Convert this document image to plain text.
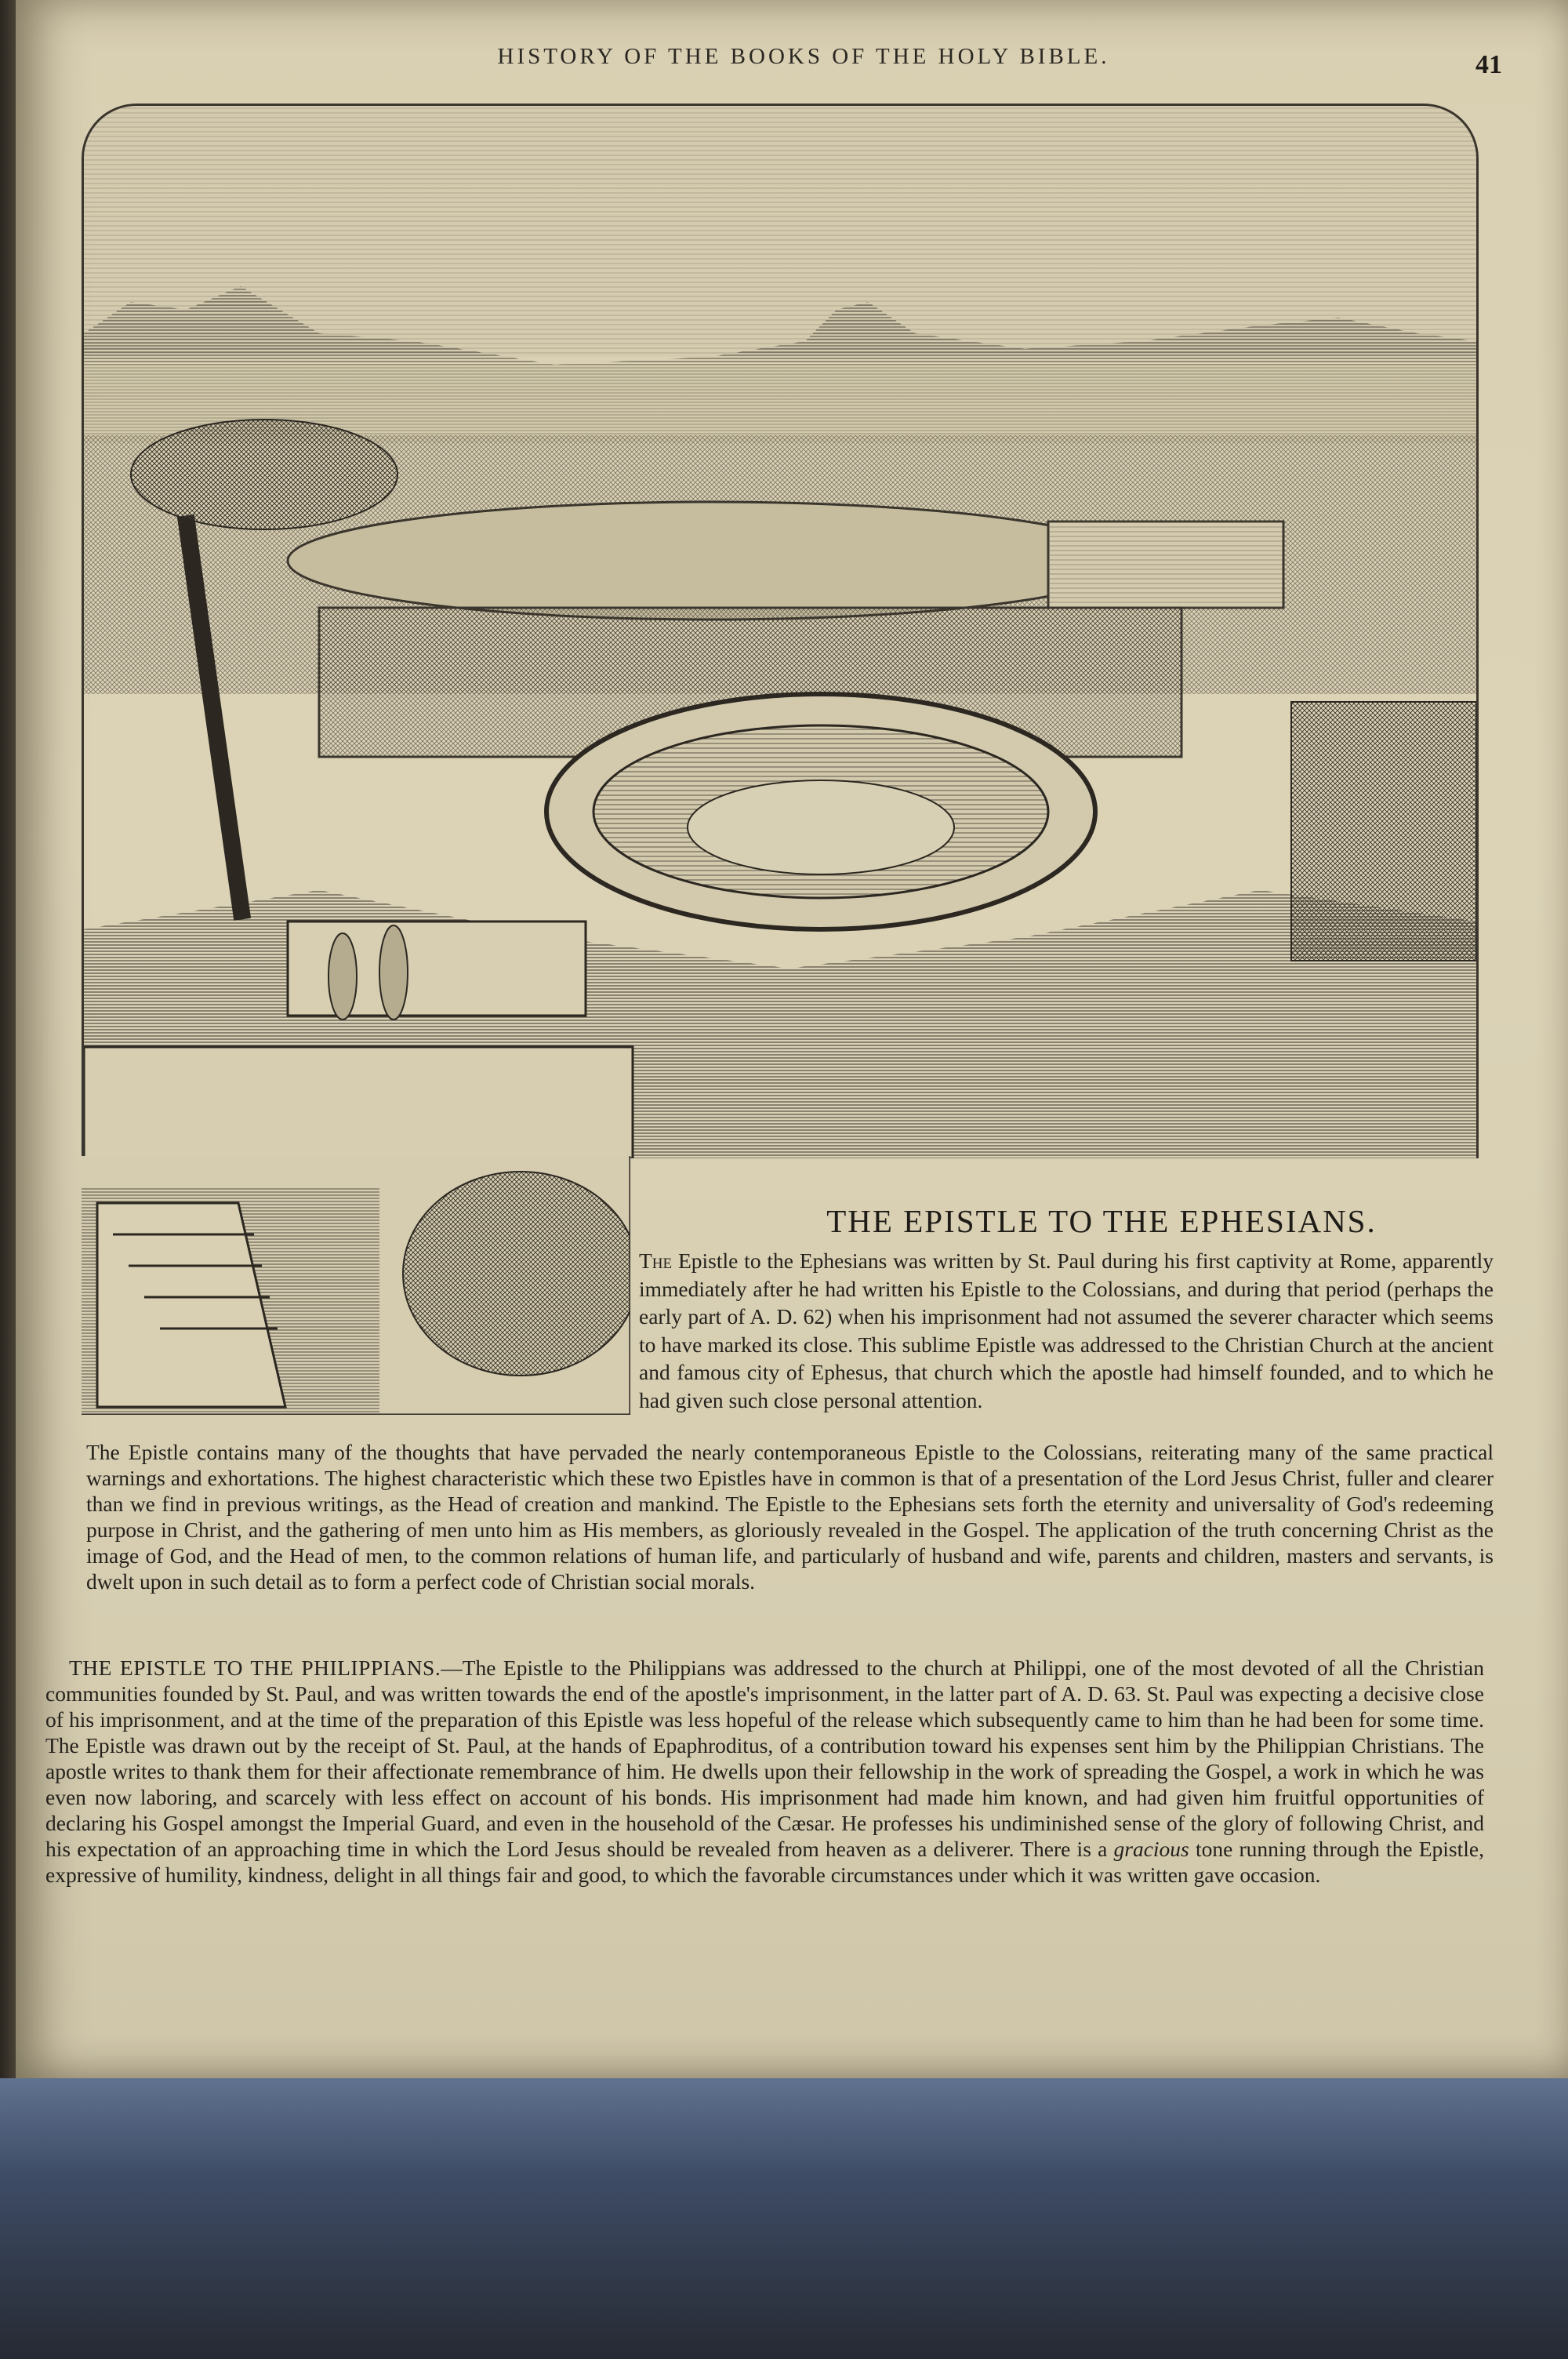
HISTORY OF THE BOOKS OF THE HOLY BIBLE.	41
THE EPISTLE TO THE EPHESIANS.

The Epistle to the Ephesians was written by St. Paul during his first captivity at Rome, apparently immediately after he had written his Epistle to the Colossians, and during that period (perhaps the early part of A. D. 62) when his imprisonment had not assumed the severer character which seems to have marked its close. This sublime Epistle was addressed to the Christian Church at the ancient and famous city of Ephesus, that church which the apostle had himself founded, and to which he had given such close personal attention.

The Epistle contains many of the thoughts that have pervaded the nearly contemporaneous Epistle to the Colossians, reiterating many of the same practical warnings and exhortations. The highest characteristic which these two Epistles have in common is that of a presentation of the Lord Jesus Christ, fuller and clearer than we find in previous writings, as the Head of creation and mankind. The Epistle to the Ephesians sets forth the eternity and universality of God's redeeming purpose in Christ, and the gathering of men unto him as His members, as gloriously revealed in the Gospel. The application of the truth concerning Christ as the image of God, and the Head of men, to the common relations of human life, and particularly of husband and wife, parents and children, masters and servants, is dwelt upon in such detail as to form a perfect code of Christian social morals.

THE EPISTLE TO THE PHILIPPIANS.—The Epistle to the Philippians was addressed to the church at Philippi, one of the most devoted of all the Christian communities founded by St. Paul, and was written towards the end of the apostle's imprisonment, in the latter part of A. D. 63. St. Paul was expecting a decisive close of his imprisonment, and at the time of the preparation of this Epistle was less hopeful of the release which subsequently came to him than he had been for some time. The Epistle was drawn out by the receipt of St. Paul, at the hands of Epaphroditus, of a contribution toward his expenses sent him by the Philippian Christians. The apostle writes to thank them for their affectionate remembrance of him. He dwells upon their fellowship in the work of spreading the Gospel, a work in which he was even now laboring, and scarcely with less effect on account of his bonds. His imprisonment had made him known, and had given him fruitful opportunities of declaring his Gospel amongst the Imperial Guard, and even in the household of the Cæsar. He professes his undiminished sense of the glory of following Christ, and his expectation of an approaching time in which the Lord Jesus should be revealed from heaven as a deliverer. There is a gracious tone running through the Epistle, expressive of humility, kindness, delight in all things fair and good, to which the favorable circumstances under which it was written gave occasion.
